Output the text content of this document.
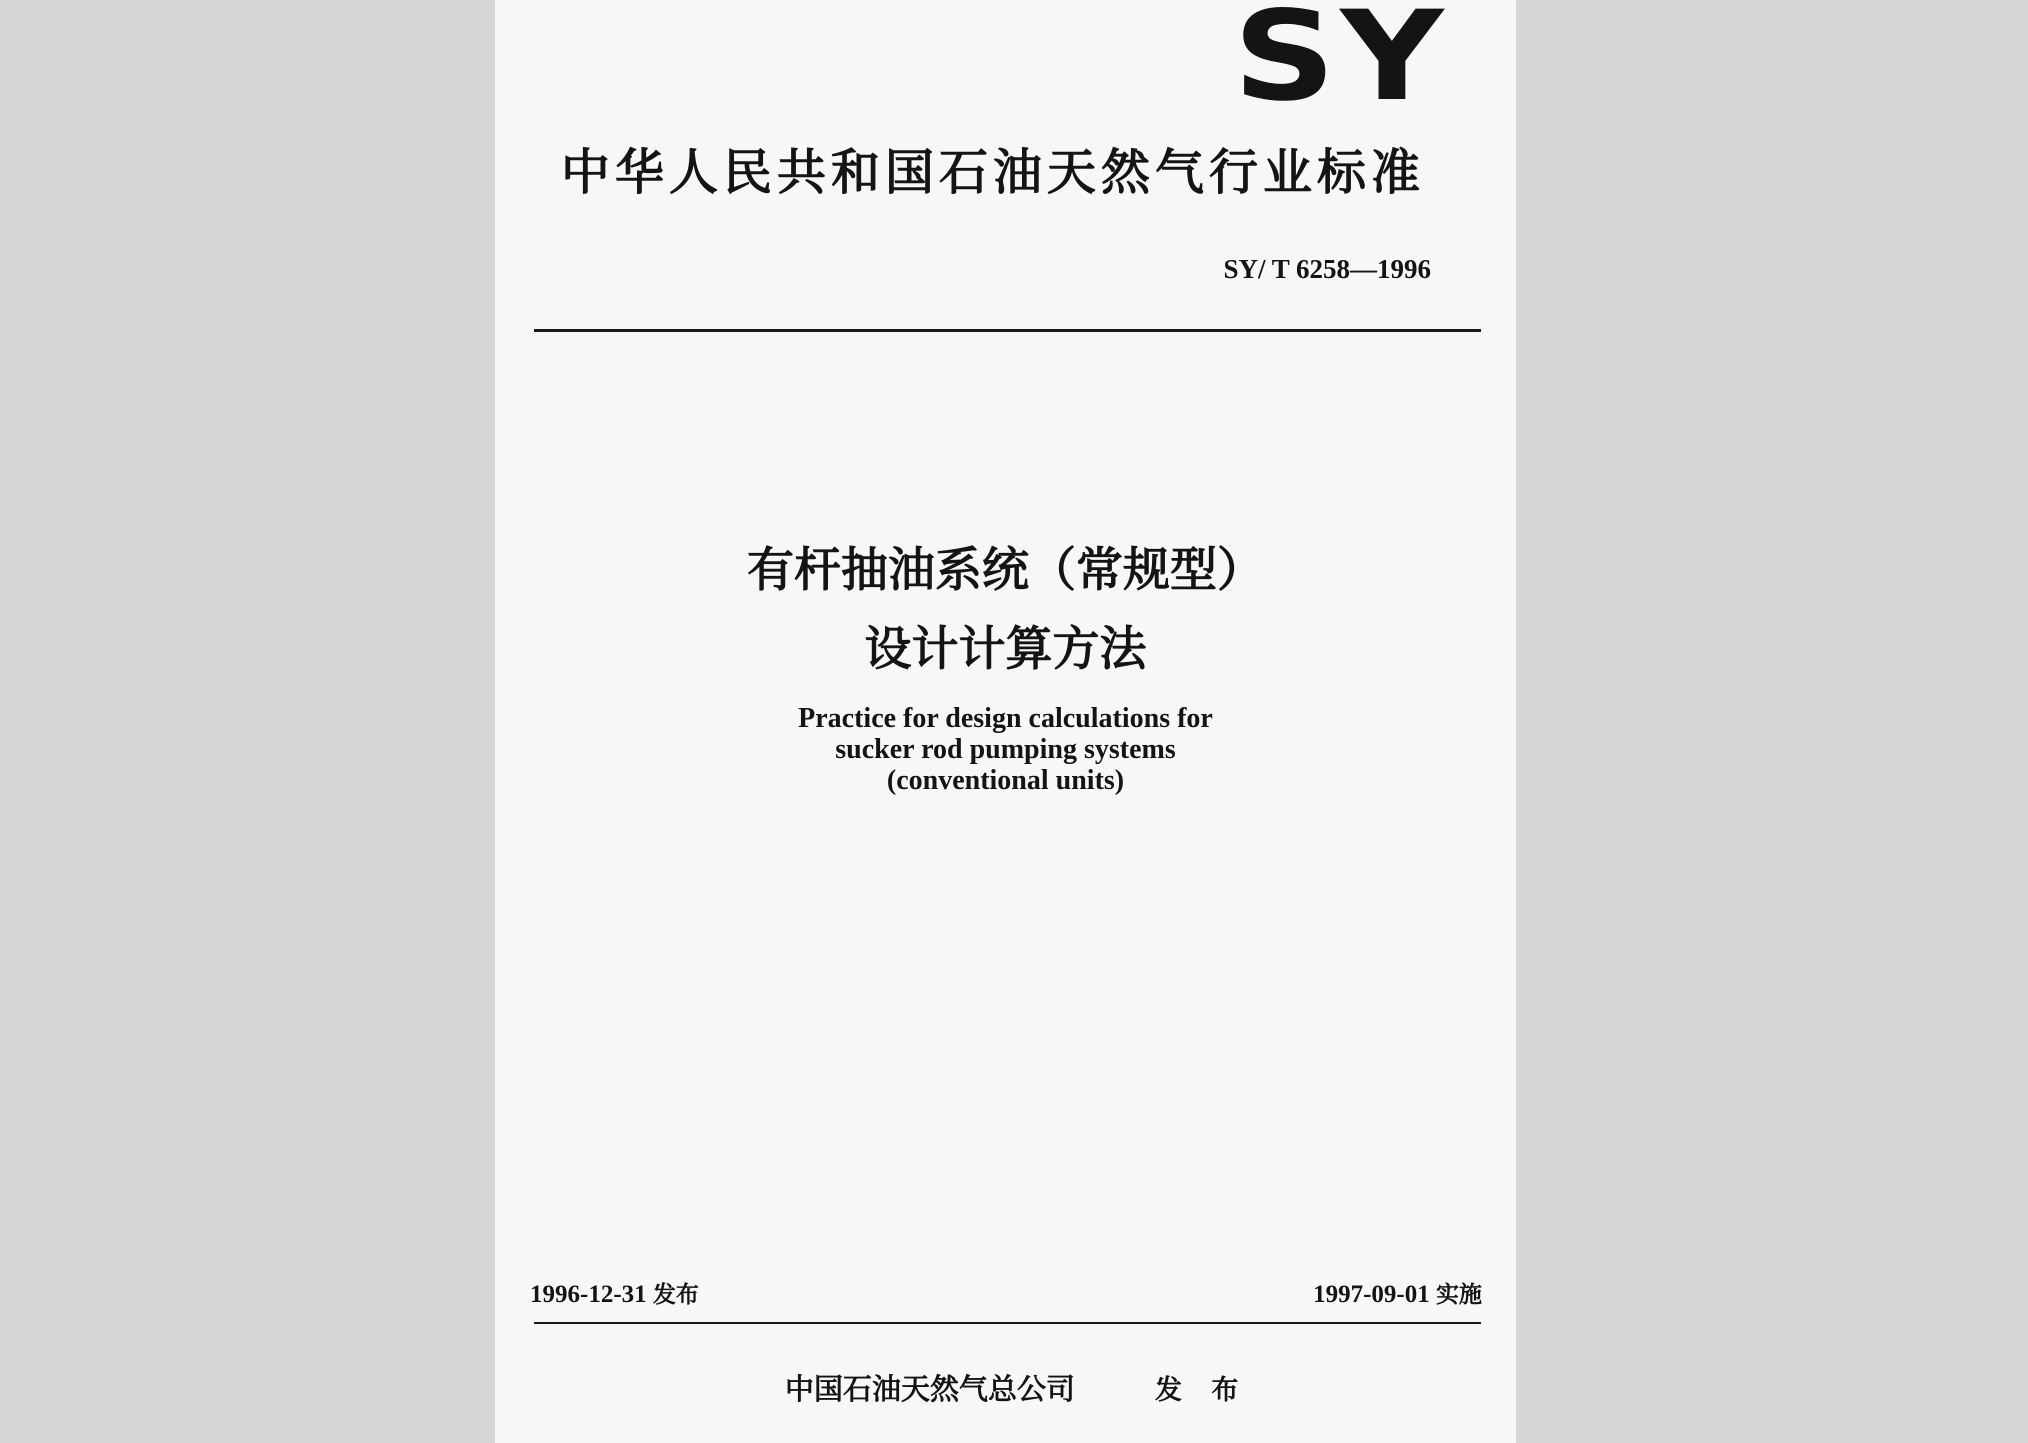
SY
中华人民共和国石油天然气行业标准
SY/ T 6258—1996
有杆抽油系统（常规型）
设计计算方法
Practice for design calculations for
sucker rod pumping systems
(conventional units)
1996-12-31 发布	1997-09-01 实施
中国石油天然气总公司	发 布
